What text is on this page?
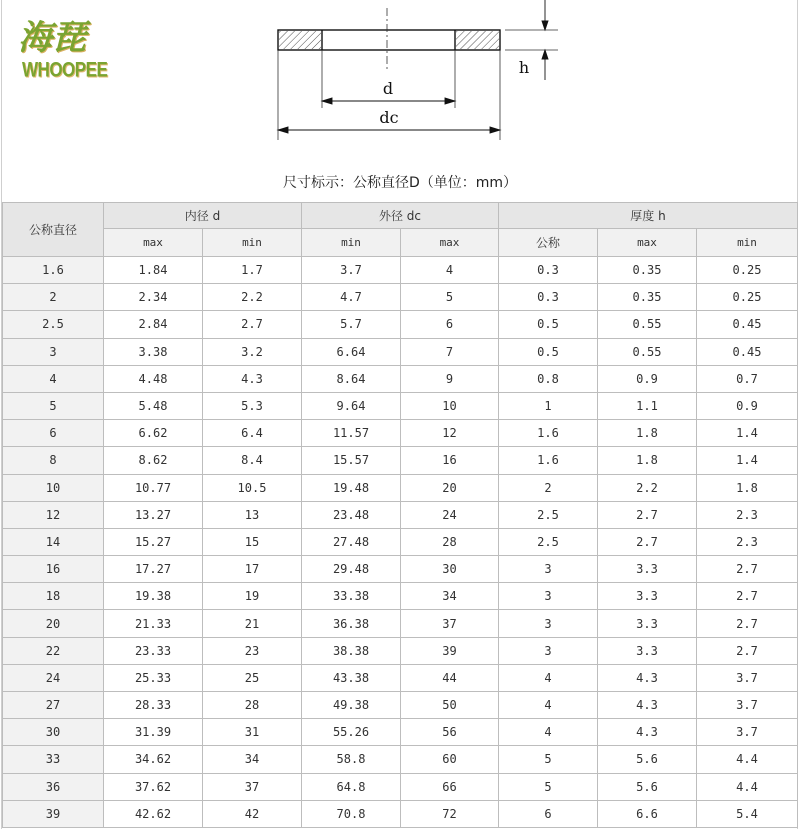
海琵
WHOOPEE
d
dc
h
尺寸标示：公称直径D（单位：mm）
公称直径	内径 d		外径 dc		厚度 h		
	max	min	min	max	公称	max	min
1.6	1.84	1.7	3.7	4	0.3	0.35	0.25
2	2.34	2.2	4.7	5	0.3	0.35	0.25
2.5	2.84	2.7	5.7	6	0.5	0.55	0.45
3	3.38	3.2	6.64	7	0.5	0.55	0.45
4	4.48	4.3	8.64	9	0.8	0.9	0.7
5	5.48	5.3	9.64	10	1	1.1	0.9
6	6.62	6.4	11.57	12	1.6	1.8	1.4
8	8.62	8.4	15.57	16	1.6	1.8	1.4
10	10.77	10.5	19.48	20	2	2.2	1.8
12	13.27	13	23.48	24	2.5	2.7	2.3
14	15.27	15	27.48	28	2.5	2.7	2.3
16	17.27	17	29.48	30	3	3.3	2.7
18	19.38	19	33.38	34	3	3.3	2.7
20	21.33	21	36.38	37	3	3.3	2.7
22	23.33	23	38.38	39	3	3.3	2.7
24	25.33	25	43.38	44	4	4.3	3.7
27	28.33	28	49.38	50	4	4.3	3.7
30	31.39	31	55.26	56	4	4.3	3.7
33	34.62	34	58.8	60	5	5.6	4.4
36	37.62	37	64.8	66	5	5.6	4.4
39	42.62	42	70.8	72	6	6.6	5.4
